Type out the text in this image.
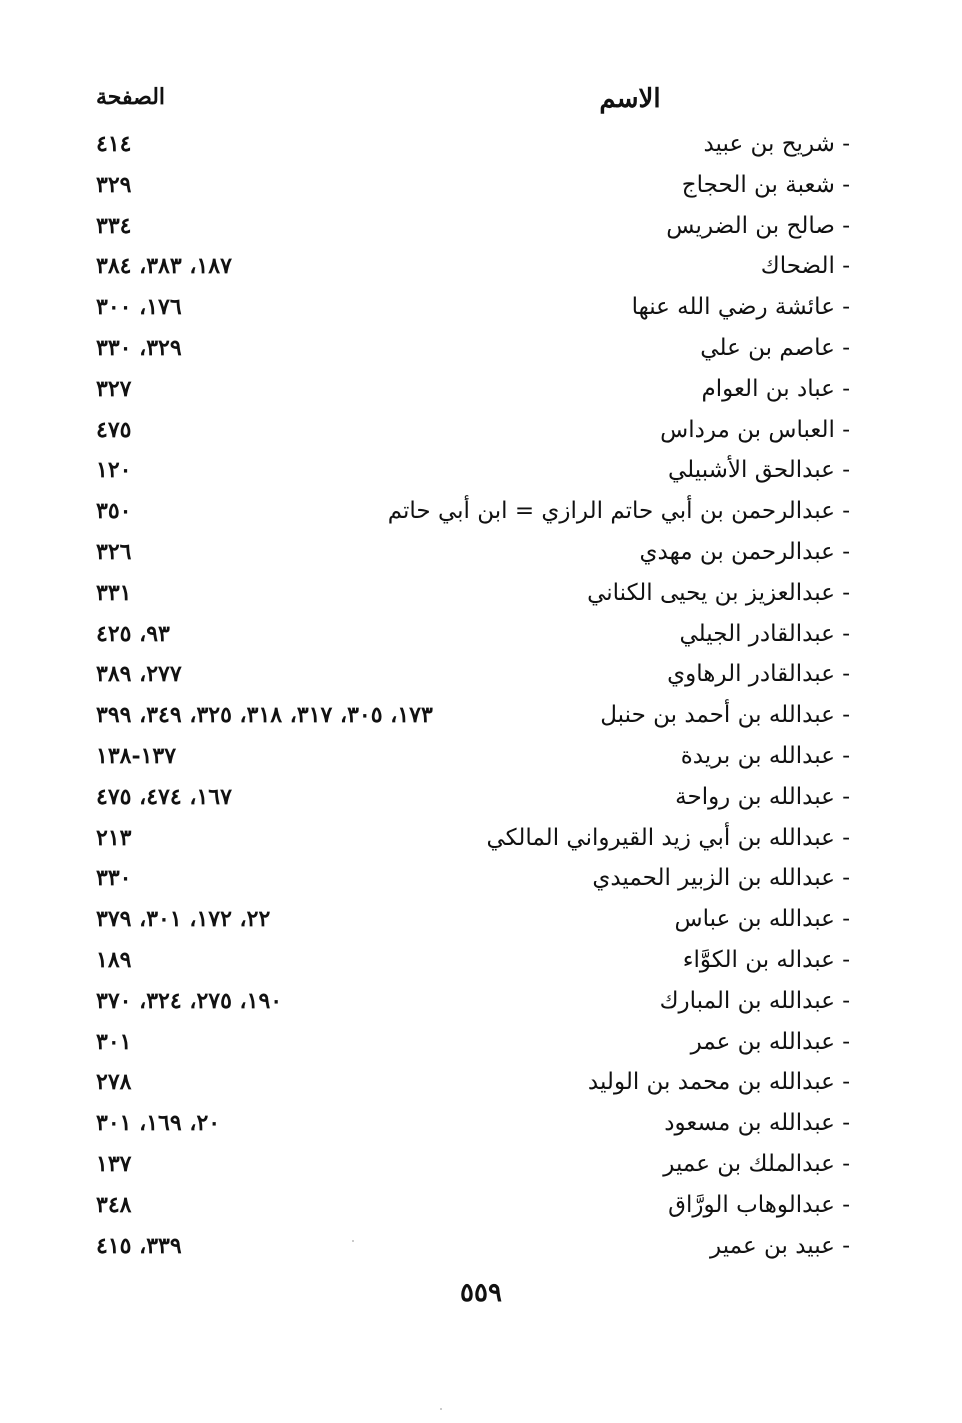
الاسم
الصفحة
- شريح بن عبيد
٤١٤
- شعبة بن الحجاج
٣٢٩
- صالح بن الضريس
٣٣٤
- الضحاك
١٨٧، ٣٨٣، ٣٨٤
- عائشة رضي الله عنها
١٧٦، ٣٠٠
- عاصم بن علي
٣٢٩، ٣٣٠
- عباد بن العوام
٣٢٧
- العباس بن مرداس
٤٧٥
- عبدالحق الأشبيلي
١٢٠
- عبدالرحمن بن أبي حاتم الرازي = ابن أبي حاتم
٣٥٠
- عبدالرحمن بن مهدي
٣٢٦
- عبدالعزيز بن يحيى الكناني
٣٣١
- عبدالقادر الجيلي
٩٣، ٤٢٥
- عبدالقادر الرهاوي
٢٧٧، ٣٨٩
- عبدالله بن أحمد بن حنبل
١٧٣، ٣٠٥، ٣١٧، ٣١٨، ٣٢٥، ٣٤٩، ٣٩٩
- عبدالله بن بريدة
١٣٧-١٣٨
- عبدالله بن رواحة
١٦٧، ٤٧٤، ٤٧٥
- عبدالله بن أبي زيد القيرواني المالكي
٢١٣
- عبدالله بن الزبير الحميدي
٣٣٠
- عبدالله بن عباس
٢٢، ١٧٢، ٣٠١، ٣٧٩
- عبداله بن الكوَّاء
١٨٩
- عبدالله بن المبارك
١٩٠، ٢٧٥، ٣٢٤، ٣٧٠
- عبدالله بن عمر
٣٠١
- عبدالله بن محمد بن الوليد
٢٧٨
- عبدالله بن مسعود
٢٠، ١٦٩، ٣٠١
- عبدالملك بن عمير
١٣٧
- عبدالوهاب الورَّاق
٣٤٨
- عبيد بن عمير
٣٣٩، ٤١٥
٥٥٩
